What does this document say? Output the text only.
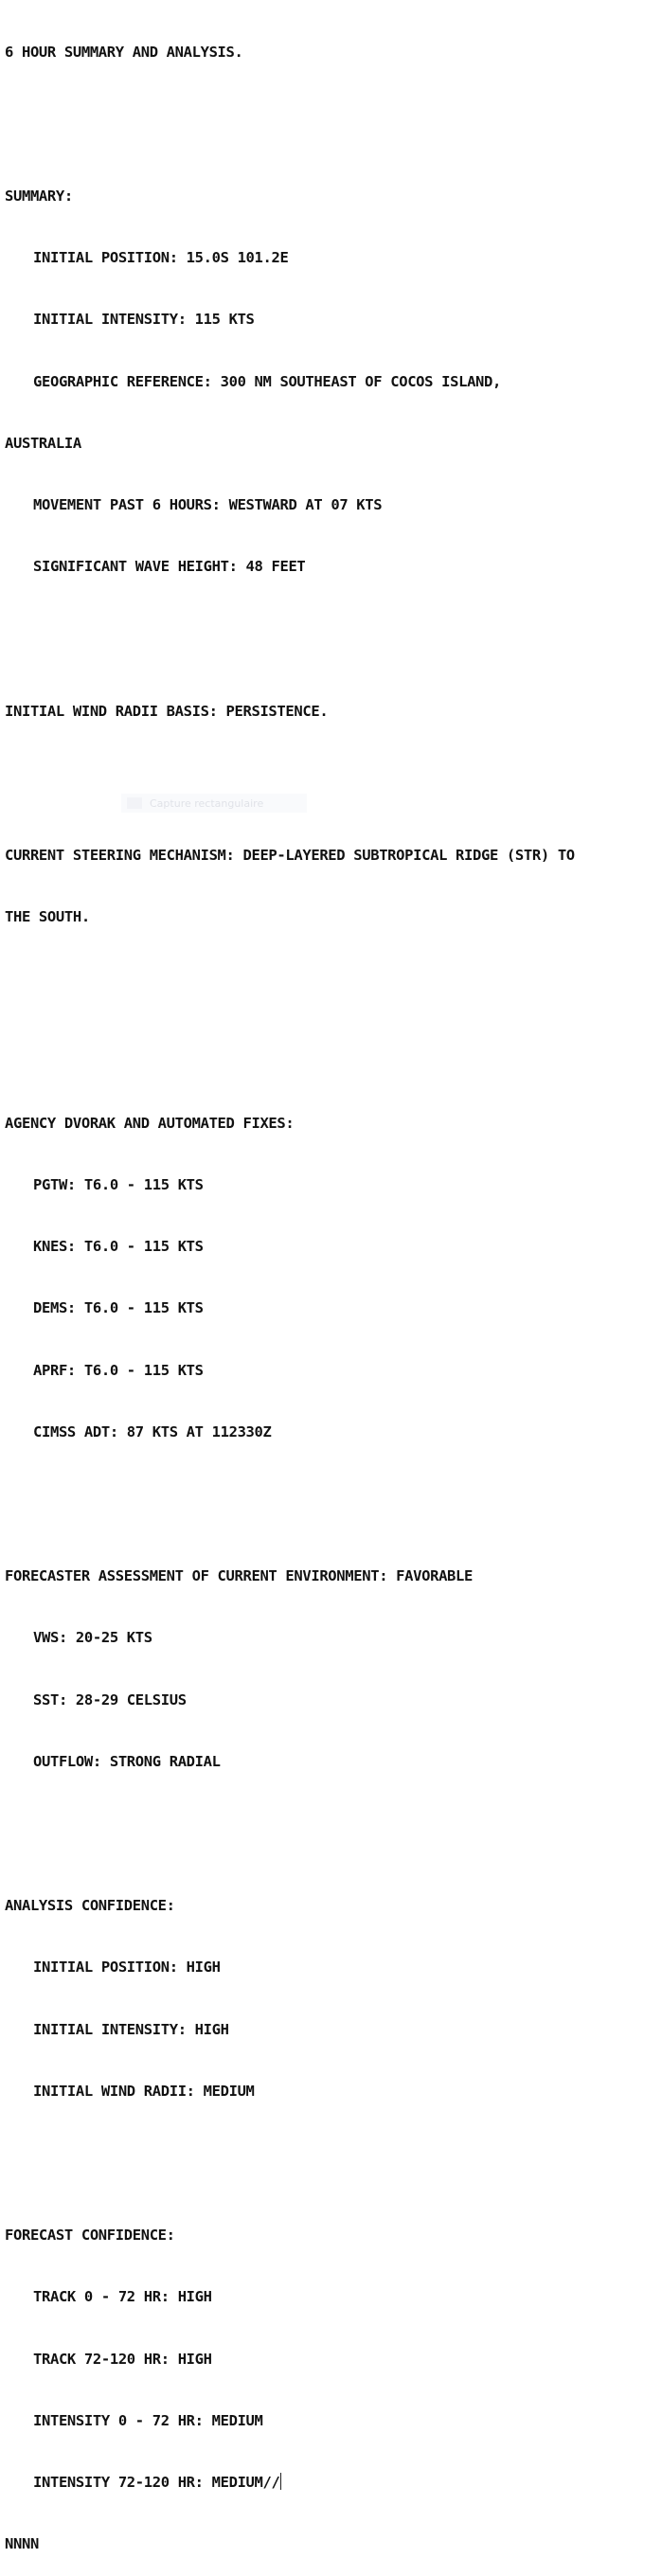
6 HOUR SUMMARY AND ANALYSIS.

SUMMARY:

INITIAL POSITION: 15.0S 101.2E

INITIAL INTENSITY: 115 KTS

GEOGRAPHIC REFERENCE: 300 NM SOUTHEAST OF COCOS ISLAND,

AUSTRALIA

MOVEMENT PAST 6 HOURS: WESTWARD AT 07 KTS

SIGNIFICANT WAVE HEIGHT: 48 FEET

INITIAL WIND RADII BASIS: PERSISTENCE.

CURRENT STEERING MECHANISM: DEEP-LAYERED SUBTROPICAL RIDGE (STR) TO

THE SOUTH.

AGENCY DVORAK AND AUTOMATED FIXES:

PGTW: T6.0 - 115 KTS

KNES: T6.0 - 115 KTS

DEMS: T6.0 - 115 KTS

APRF: T6.0 - 115 KTS

CIMSS ADT: 87 KTS AT 112330Z

FORECASTER ASSESSMENT OF CURRENT ENVIRONMENT: FAVORABLE

VWS: 20-25 KTS

SST: 28-29 CELSIUS

OUTFLOW: STRONG RADIAL

ANALYSIS CONFIDENCE:

INITIAL POSITION: HIGH

INITIAL INTENSITY: HIGH

INITIAL WIND RADII: MEDIUM

FORECAST CONFIDENCE:

TRACK 0 - 72 HR: HIGH

TRACK 72-120 HR: HIGH

INTENSITY 0 - 72 HR: MEDIUM

INTENSITY 72-120 HR: MEDIUM//

NNNN

Capture rectangulaire
